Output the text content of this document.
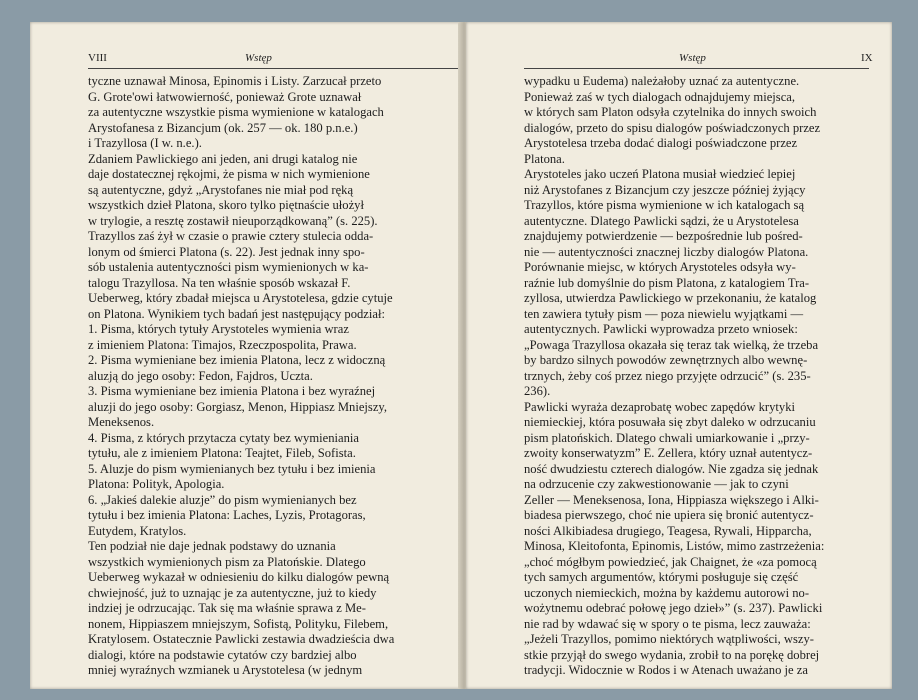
VIII	Wstęp
tyczne uznawał Minosa, Epinomis i Listy. Zarzucał przeto
G. Grote'owi łatwowierność, ponieważ Grote uznawał
za autentyczne wszystkie pisma wymienione w katalogach
Arystofanesa z Bizancjum (ok. 257 — ok. 180 p.n.e.)
i Trazyllosa (I w. n.e.).
Zdaniem Pawlickiego ani jeden, ani drugi katalog nie
daje dostatecznej rękojmi, że pisma w nich wymienione
są autentyczne, gdyż „Arystofanes nie miał pod ręką
wszystkich dzieł Platona, skoro tylko piętnaście ułożył
w trylogie, a resztę zostawił nieuporządkowaną” (s. 225).
Trazyllos zaś żył w czasie o prawie cztery stulecia odda-
lonym od śmierci Platona (s. 22). Jest jednak inny spo-
sób ustalenia autentyczności pism wymienionych w ka-
talogu Trazyllosa. Na ten właśnie sposób wskazał F.
Ueberweg, który zbadał miejsca u Arystotelesa, gdzie cytuje
on Platona. Wynikiem tych badań jest następujący podział:
1. Pisma, których tytuły Arystoteles wymienia wraz
z imieniem Platona: Timajos, Rzeczpospolita, Prawa.
2. Pisma wymieniane bez imienia Platona, lecz z widoczną
aluzją do jego osoby: Fedon, Fajdros, Uczta.
3. Pisma wymieniane bez imienia Platona i bez wyraźnej
aluzji do jego osoby: Gorgiasz, Menon, Hippiasz Mniejszy,
Meneksenos.
4. Pisma, z których przytacza cytaty bez wymieniania
tytułu, ale z imieniem Platona: Teajtet, Fileb, Sofista.
5. Aluzje do pism wymienianych bez tytułu i bez imienia
Platona: Polityk, Apologia.
6. „Jakieś dalekie aluzje” do pism wymienianych bez
tytułu i bez imienia Platona: Laches, Lyzis, Protagoras,
Eutydem, Kratylos.
Ten podział nie daje jednak podstawy do uznania
wszystkich wymienionych pism za Platońskie. Dlatego
Ueberweg wykazał w odniesieniu do kilku dialogów pewną
chwiejność, już to uznając je za autentyczne, już to kiedy
indziej je odrzucając. Tak się ma właśnie sprawa z Me-
nonem, Hippiaszem mniejszym, Sofistą, Polityku, Filebem,
Kratylosem. Ostatecznie Pawlicki zestawia dwadzieścia dwa
dialogi, które na podstawie cytatów czy bardziej albo
mniej wyraźnych wzmianek u Arystotelesa (w jednym
Wstęp	IX
wypadku u Eudema) należałoby uznać za autentyczne.
Ponieważ zaś w tych dialogach odnajdujemy miejsca,
w których sam Platon odsyła czytelnika do innych swoich
dialogów, przeto do spisu dialogów poświadczonych przez
Arystotelesa trzeba dodać dialogi poświadczone przez
Platona.
Arystoteles jako uczeń Platona musiał wiedzieć lepiej
niż Arystofanes z Bizancjum czy jeszcze później żyjący
Trazyllos, które pisma wymienione w ich katalogach są
autentyczne. Dlatego Pawlicki sądzi, że u Arystotelesa
znajdujemy potwierdzenie — bezpośrednie lub pośred-
nie — autentyczności znacznej liczby dialogów Platona.
Porównanie miejsc, w których Arystoteles odsyła wy-
raźnie lub domyślnie do pism Platona, z katalogiem Tra-
zyllosa, utwierdza Pawlickiego w przekonaniu, że katalog
ten zawiera tytuły pism — poza niewielu wyjątkami —
autentycznych. Pawlicki wyprowadza przeto wniosek:
„Powaga Trazyllosa okazała się teraz tak wielką, że trzeba
by bardzo silnych powodów zewnętrznych albo wewnę-
trznych, żeby coś przez niego przyjęte odrzucić” (s. 235-
236).
Pawlicki wyraża dezaprobatę wobec zapędów krytyki
niemieckiej, która posuwała się zbyt daleko w odrzucaniu
pism platońskich. Dlatego chwali umiarkowanie i „przy-
zwoity konserwatyzm” E. Zellera, który uznał autentycz-
ność dwudziestu czterech dialogów. Nie zgadza się jednak
na odrzucenie czy zakwestionowanie — jak to czyni
Zeller — Meneksenosa, Iona, Hippiasza większego i Alki-
biadesa pierwszego, choć nie upiera się bronić autentycz-
ności Alkibiadesa drugiego, Teagesa, Rywali, Hipparcha,
Minosa, Kleitofonta, Epinomis, Listów, mimo zastrzeżenia:
„choć mógłbym powiedzieć, jak Chaignet, że «za pomocą
tych samych argumentów, którymi posługuje się część
uczonych niemieckich, można by każdemu autorowi no-
wożytnemu odebrać połowę jego dzieł»” (s. 237). Pawlicki
nie rad by wdawać się w spory o te pisma, lecz zauważa:
„Jeżeli Trazyllos, pomimo niektórych wątpliwości, wszy-
stkie przyjął do swego wydania, zrobił to na porękę dobrej
tradycji. Widocznie w Rodos i w Atenach uważano je za
